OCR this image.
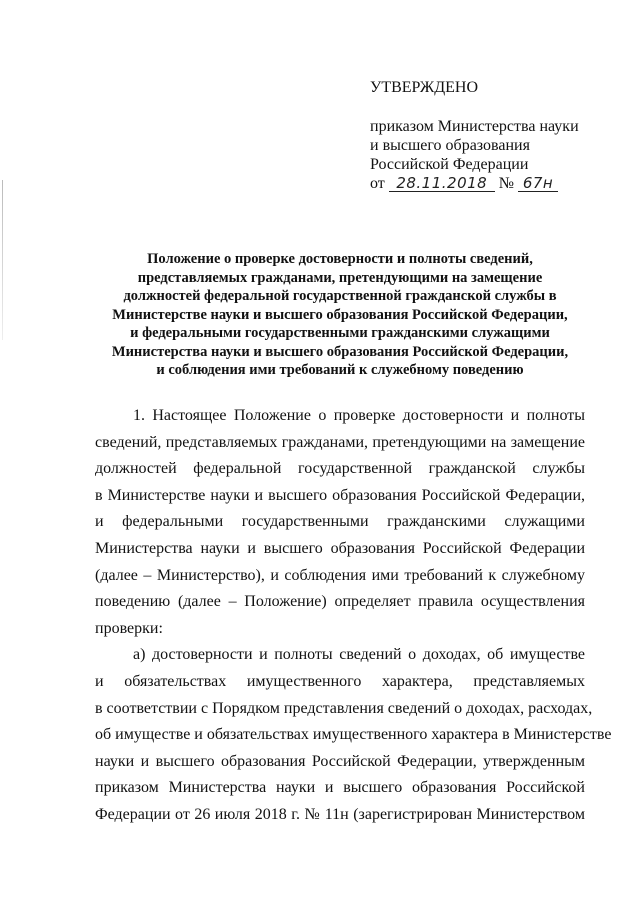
УТВЕРЖДЕНО
приказом Министерства науки
и высшего образования
Российской Федерации
от 28.11.2018 № 67н
Положение о проверке достоверности и полноты сведений,
представляемых гражданами, претендующими на замещение
должностей федеральной государственной гражданской службы в
Министерстве науки и высшего образования Российской Федерации,
и федеральными государственными гражданскими служащими
Министерства науки и высшего образования Российской Федерации,
и соблюдения ими требований к служебному поведению
1. Настоящее Положение о проверке достоверности и полноты
сведений, представляемых гражданами, претендующими на замещение
должностей федеральной государственной гражданской службы
в Министерстве науки и высшего образования Российской Федерации,
и федеральными государственными гражданскими служащими
Министерства науки и высшего образования Российской Федерации
(далее – Министерство), и соблюдения ими требований к служебному
поведению (далее – Положение) определяет правила осуществления
проверки:
а) достоверности и полноты сведений о доходах, об имуществе
и обязательствах имущественного характера, представляемых
в соответствии с Порядком представления сведений о доходах, расходах,
об имуществе и обязательствах имущественного характера в Министерстве
науки и высшего образования Российской Федерации, утвержденным
приказом Министерства науки и высшего образования Российской
Федерации от 26 июля 2018 г. № 11н (зарегистрирован Министерством
